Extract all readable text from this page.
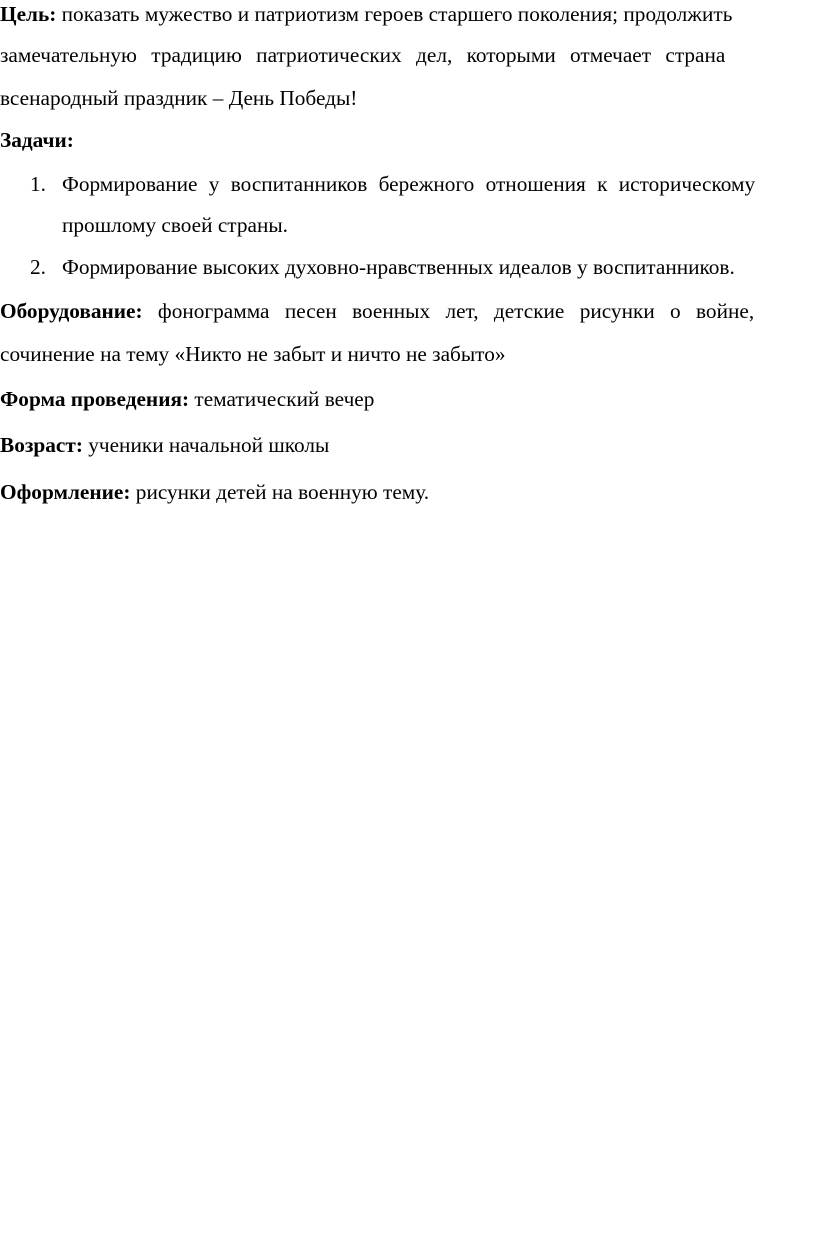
Цель: показать мужество и патриотизм героев старшего поколения; продолжить
замечательную традицию патриотических дел, которыми отмечает страна
всенародный праздник – День Победы!
Задачи:
1. Формирование у воспитанников бережного отношения к историческому
прошлому своей страны.
2. Формирование высоких духовно-нравственных идеалов у воспитанников.
Оборудование: фонограмма песен военных лет, детские рисунки о войне,
сочинение на тему «Никто не забыт и ничто не забыто»
Форма проведения: тематический вечер
Возраст: ученики начальной школы
Оформление: рисунки детей на военную тему.
